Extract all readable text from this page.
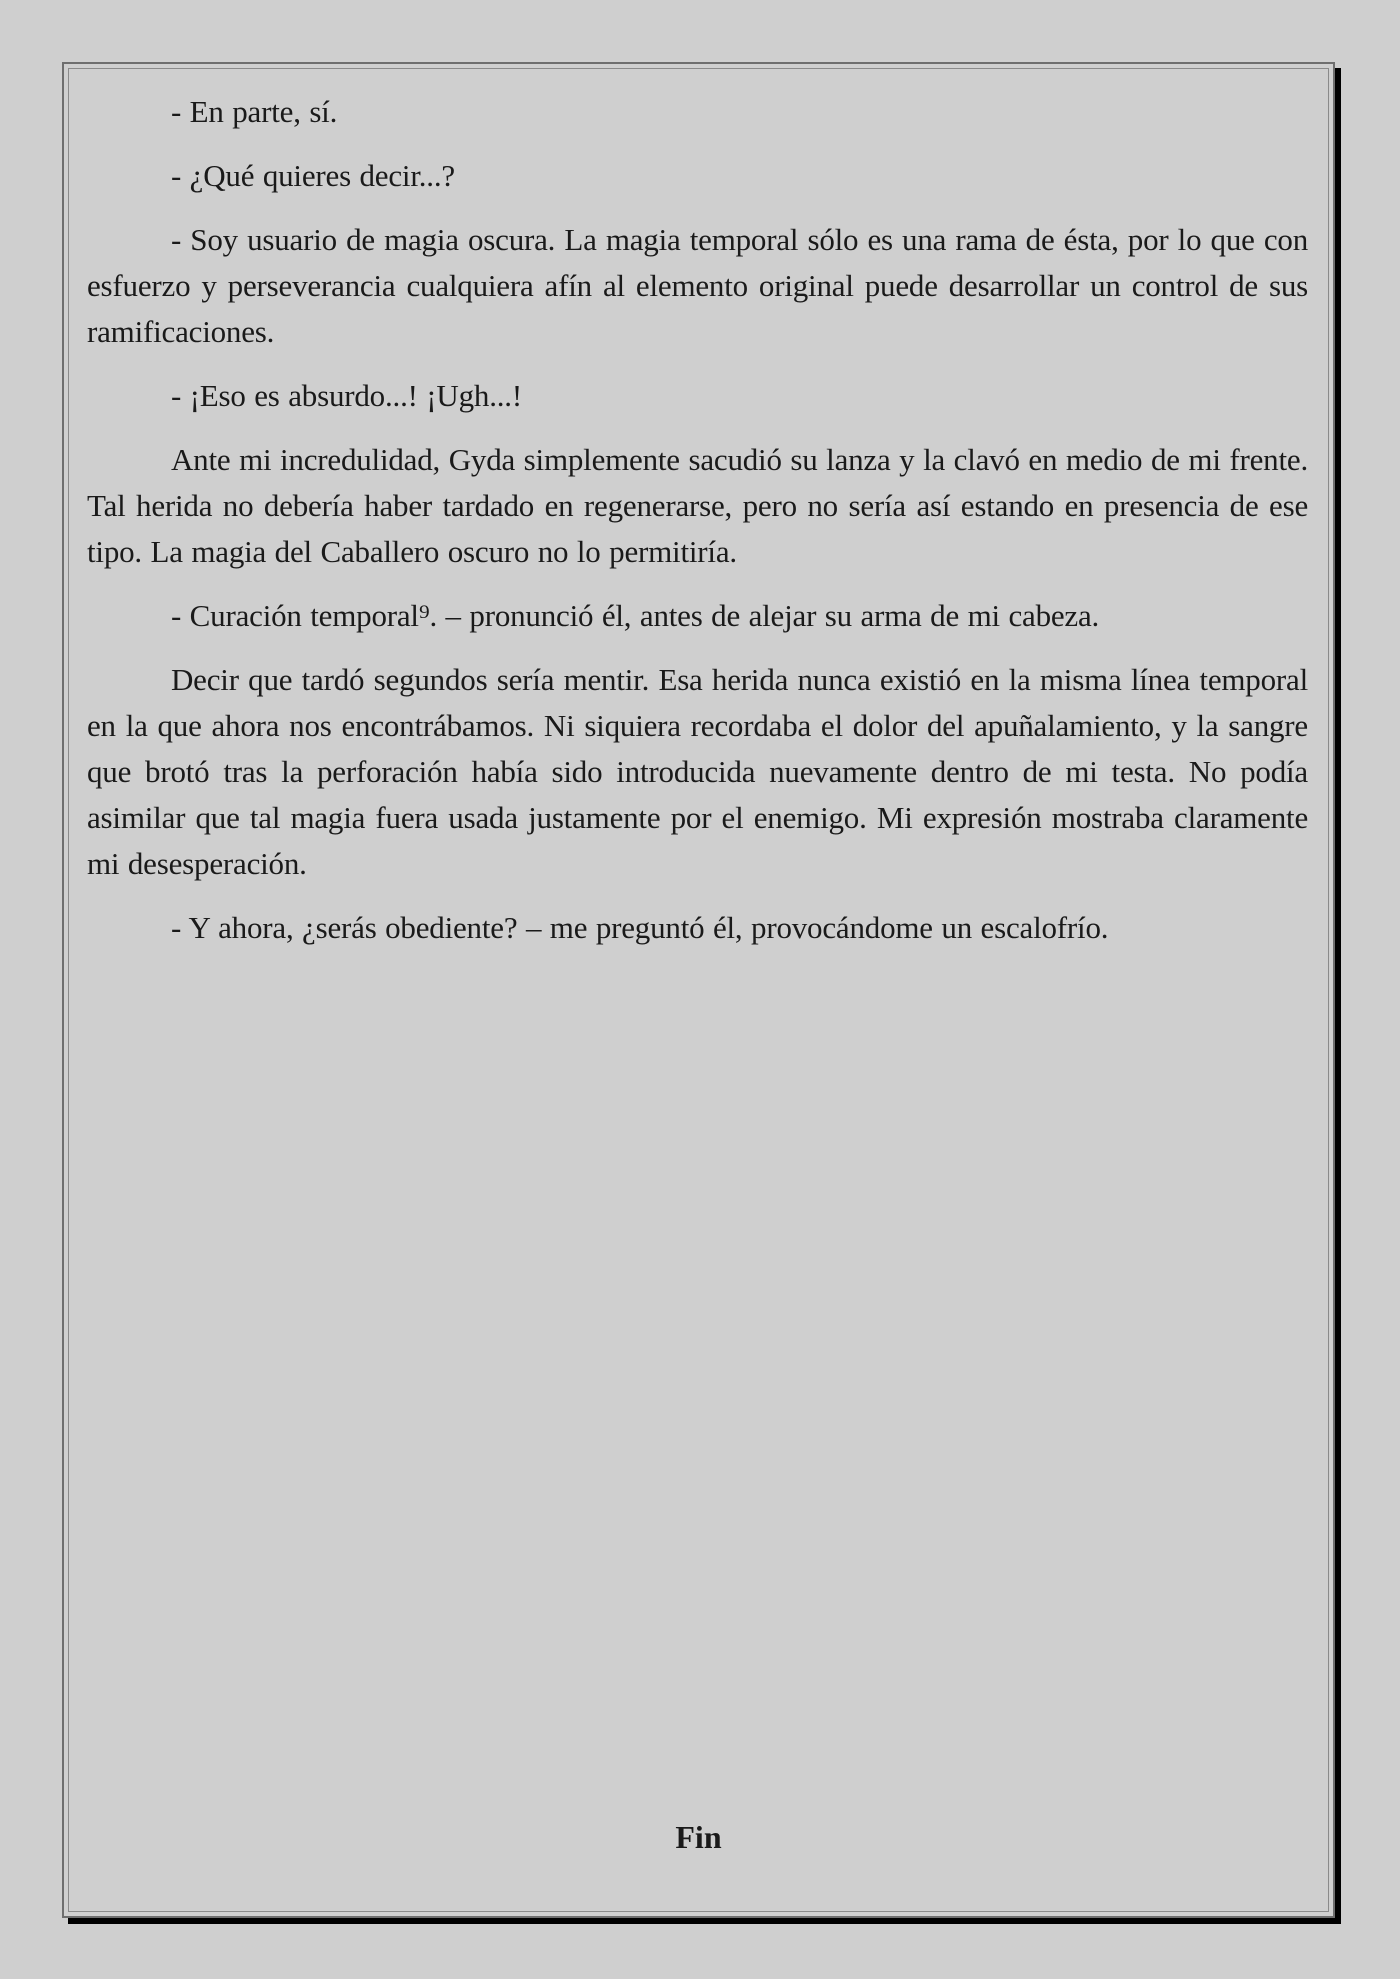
- En parte, sí.

- ¿Qué quieres decir...?

- Soy usuario de magia oscura. La magia temporal sólo es una rama de ésta, por lo que con esfuerzo y perseverancia cualquiera afín al elemento original puede desarrollar un control de sus ramificaciones.

- ¡Eso es absurdo...! ¡Ugh...!

Ante mi incredulidad, Gyda simplemente sacudió su lanza y la clavó en medio de mi frente. Tal herida no debería haber tardado en regenerarse, pero no sería así estando en presencia de ese tipo. La magia del Caballero oscuro no lo permitiría.

- Curación temporal⁹. – pronunció él, antes de alejar su arma de mi cabeza.

Decir que tardó segundos sería mentir. Esa herida nunca existió en la misma línea temporal en la que ahora nos encontrábamos. Ni siquiera recordaba el dolor del apuñalamiento, y la sangre que brotó tras la perforación había sido introducida nuevamente dentro de mi testa. No podía asimilar que tal magia fuera usada justamente por el enemigo. Mi expresión mostraba claramente mi desesperación.

- Y ahora, ¿serás obediente? – me preguntó él, provocándome un escalofrío.

Fin
